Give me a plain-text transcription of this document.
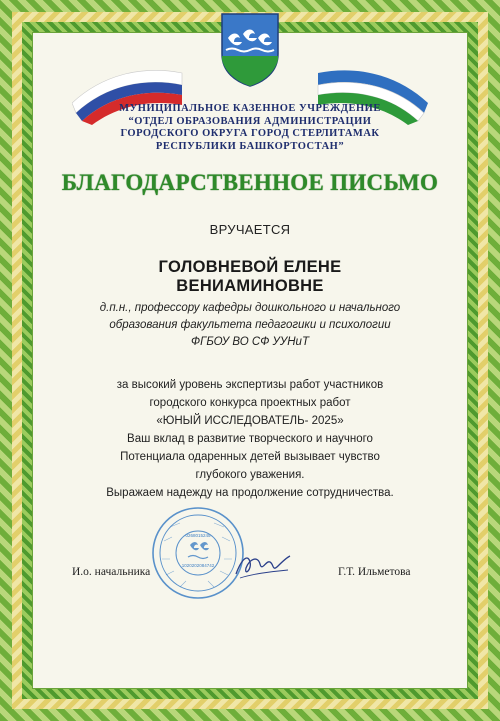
МУНИЦИПАЛЬНОЕ КАЗЕННОЕ УЧРЕЖДЕНИЕ
“ОТДЕЛ ОБРАЗОВАНИЯ АДМИНИСТРАЦИИ
ГОРОДСКОГО ОКРУГА ГОРОД СТЕРЛИТАМАК
РЕСПУБЛИКИ БАШКОРТОСТАН”
БЛАГОДАРСТВЕННОЕ ПИСЬМО
ВРУЧАЕТСЯ
ГОЛОВНЕВОЙ ЕЛЕНЕ
ВЕНИАМИНОВНЕ
д.п.н., профессору кафедры дошкольного и начального
образования факультета педагогики и психологии
ФГБОУ ВО СФ УУНиТ
за высокий уровень экспертизы работ участников
городского конкурса проектных работ
«ЮНЫЙ ИССЛЕДОВАТЕЛЬ- 2025»
Ваш вклад в развитие творческого и научного
Потенциала одаренных детей вызывает чувство
глубокого уважения.
Выражаем надежду на продолжение сотрудничества.
1020202084742
0268015245
И.о. начальника	Г.Т. Ильметова
